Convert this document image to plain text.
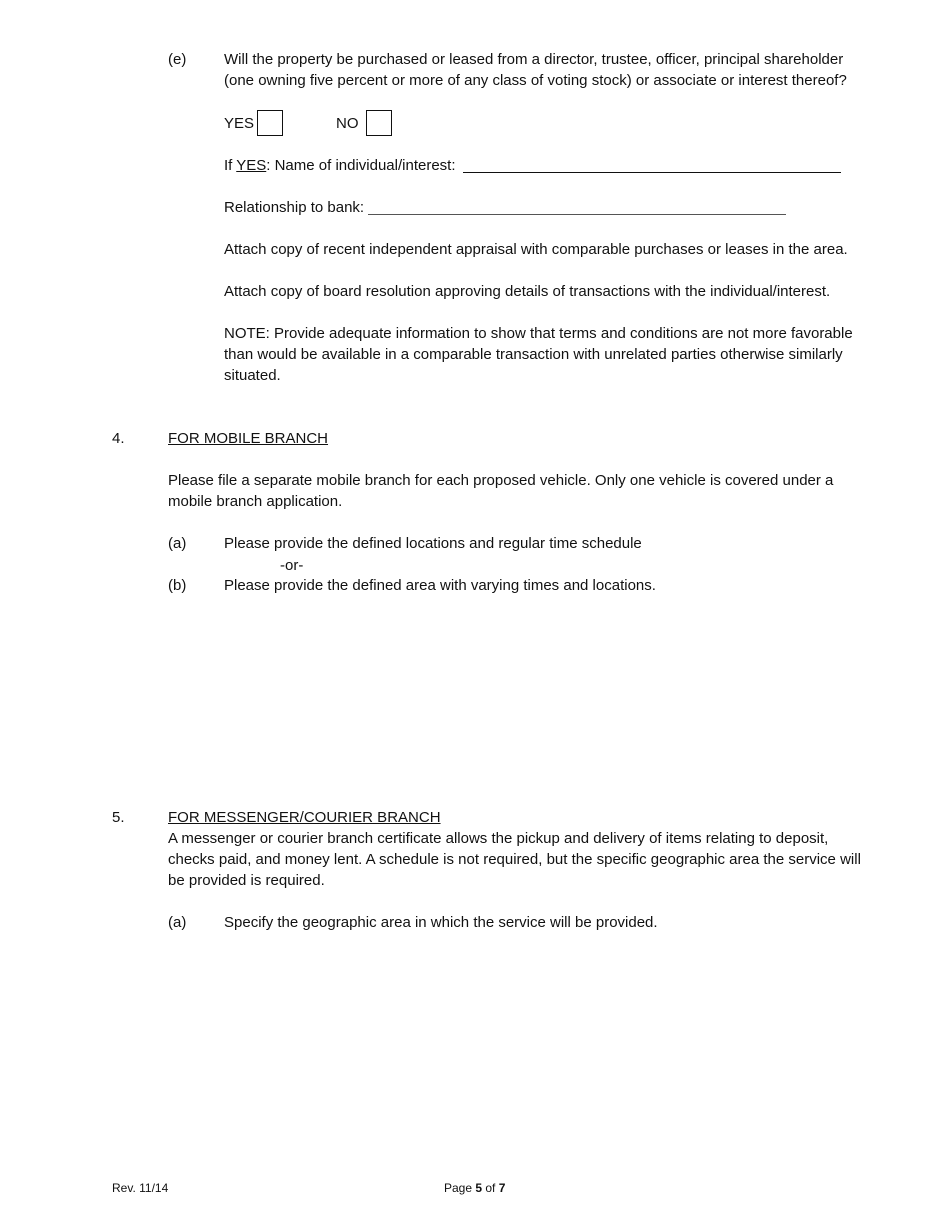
(e)	Will the property be purchased or leased from a director, trustee, officer, principal shareholder
(one owning five percent or more of any class of voting stock) or associate or interest thereof?
YES	NO
If YES: Name of individual/interest:
Relationship to bank:
Attach copy of recent independent appraisal with comparable purchases or leases in the area.
Attach copy of board resolution approving details of transactions with the individual/interest.
NOTE: Provide adequate information to show that terms and conditions are not more favorable
than would be available in a comparable transaction with unrelated parties otherwise similarly
situated.
4.	FOR MOBILE BRANCH
Please file a separate mobile branch for each proposed vehicle. Only one vehicle is covered under a
mobile branch application.
(a)	Please provide the defined locations and regular time schedule
-or-
(b)	Please provide the defined area with varying times and locations.
5.	FOR MESSENGER/COURIER BRANCH
A messenger or courier branch certificate allows the pickup and delivery of items relating to deposit,
checks paid, and money lent. A schedule is not required, but the specific geographic area the service will
be provided is required.
(a)	Specify the geographic area in which the service will be provided.
Rev. 11/14	Page 5 of 7
